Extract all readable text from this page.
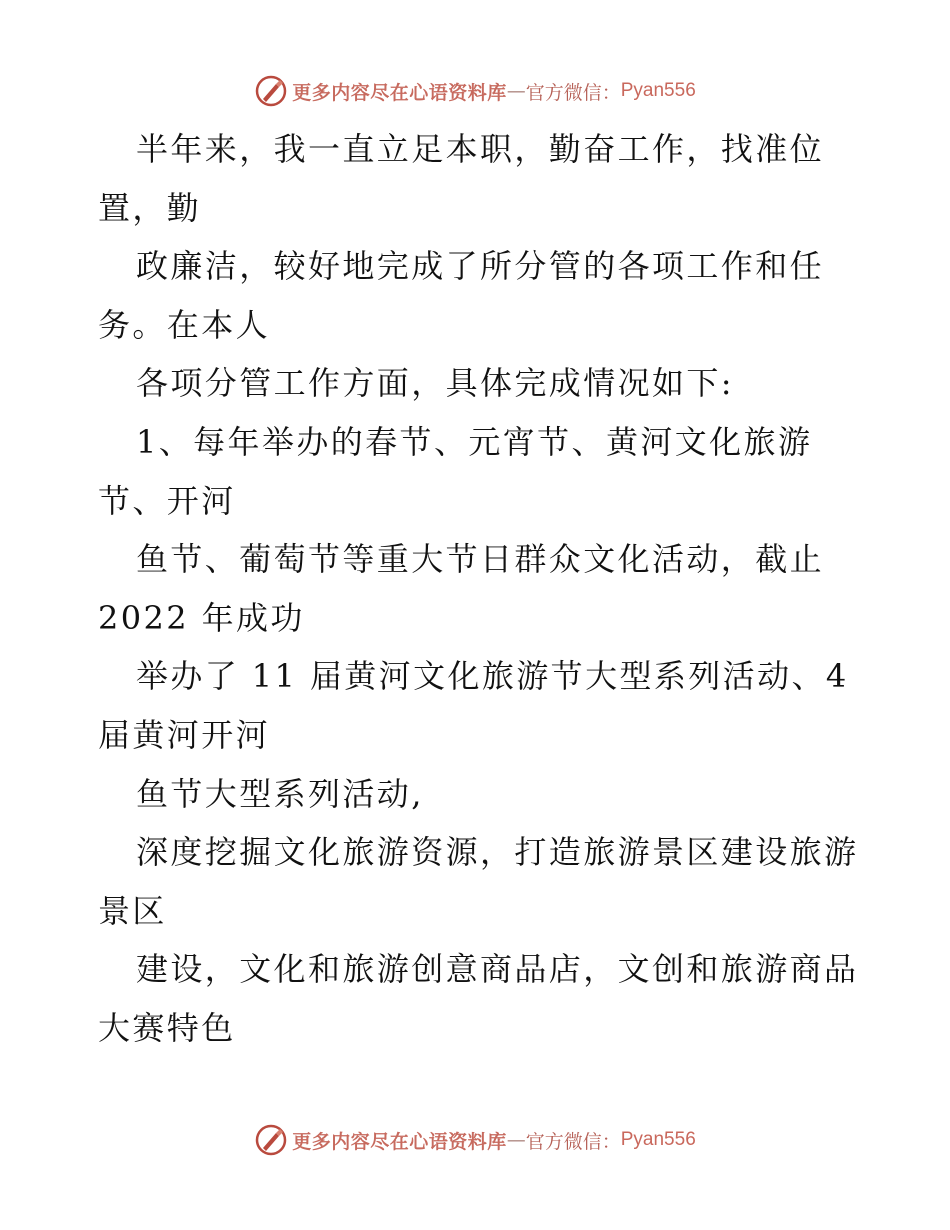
更多内容尽在心语资料库 — 官方微信： Pyan556
半年来，我一直立足本职，勤奋工作，找准位
置，勤
政廉洁，较好地完成了所分管的各项工作和任
务。在本人
各项分管工作方面，具体完成情况如下:
1、每年举办的春节、元宵节、黄河文化旅游
节、开河
鱼节、葡萄节等重大节日群众文化活动，截止
2022 年成功
举办了 11 届黄河文化旅游节大型系列活动、4
届黄河开河
鱼节大型系列活动,
深度挖掘文化旅游资源，打造旅游景区建设旅游
景区
建设，文化和旅游创意商品店，文创和旅游商品
大赛特色
更多内容尽在心语资料库 — 官方微信： Pyan556
